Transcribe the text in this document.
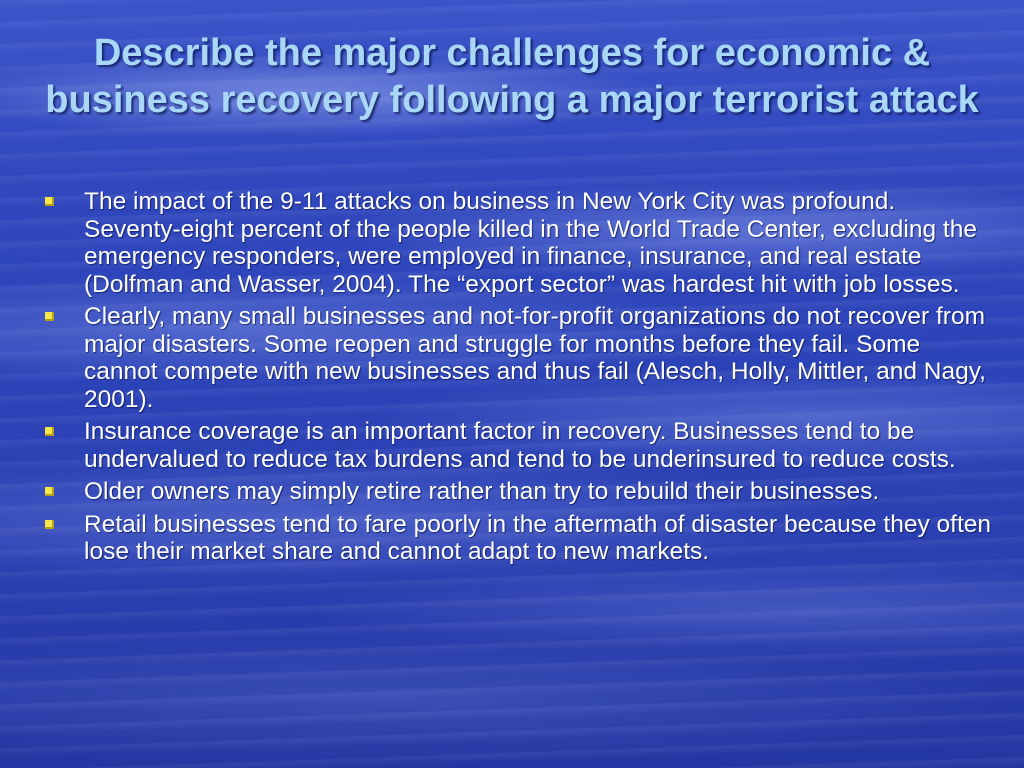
Describe the major challenges for economic & business recovery following a major terrorist attack
The impact of the 9-11 attacks on business in New York City was profound. Seventy-eight percent of the people killed in the World Trade Center, excluding the emergency responders, were employed in finance, insurance, and real estate (Dolfman and Wasser, 2004). The “export sector” was hardest hit with job losses.
Clearly, many small businesses and not-for-profit organizations do not recover from major disasters. Some reopen and struggle for months before they fail. Some cannot compete with new businesses and thus fail (Alesch, Holly, Mittler, and Nagy, 2001).
Insurance coverage is an important factor in recovery. Businesses tend to be undervalued to reduce tax burdens and tend to be underinsured to reduce costs.
Older owners may simply retire rather than try to rebuild their businesses.
Retail businesses tend to fare poorly in the aftermath of disaster because they often lose their market share and cannot adapt to new markets.
